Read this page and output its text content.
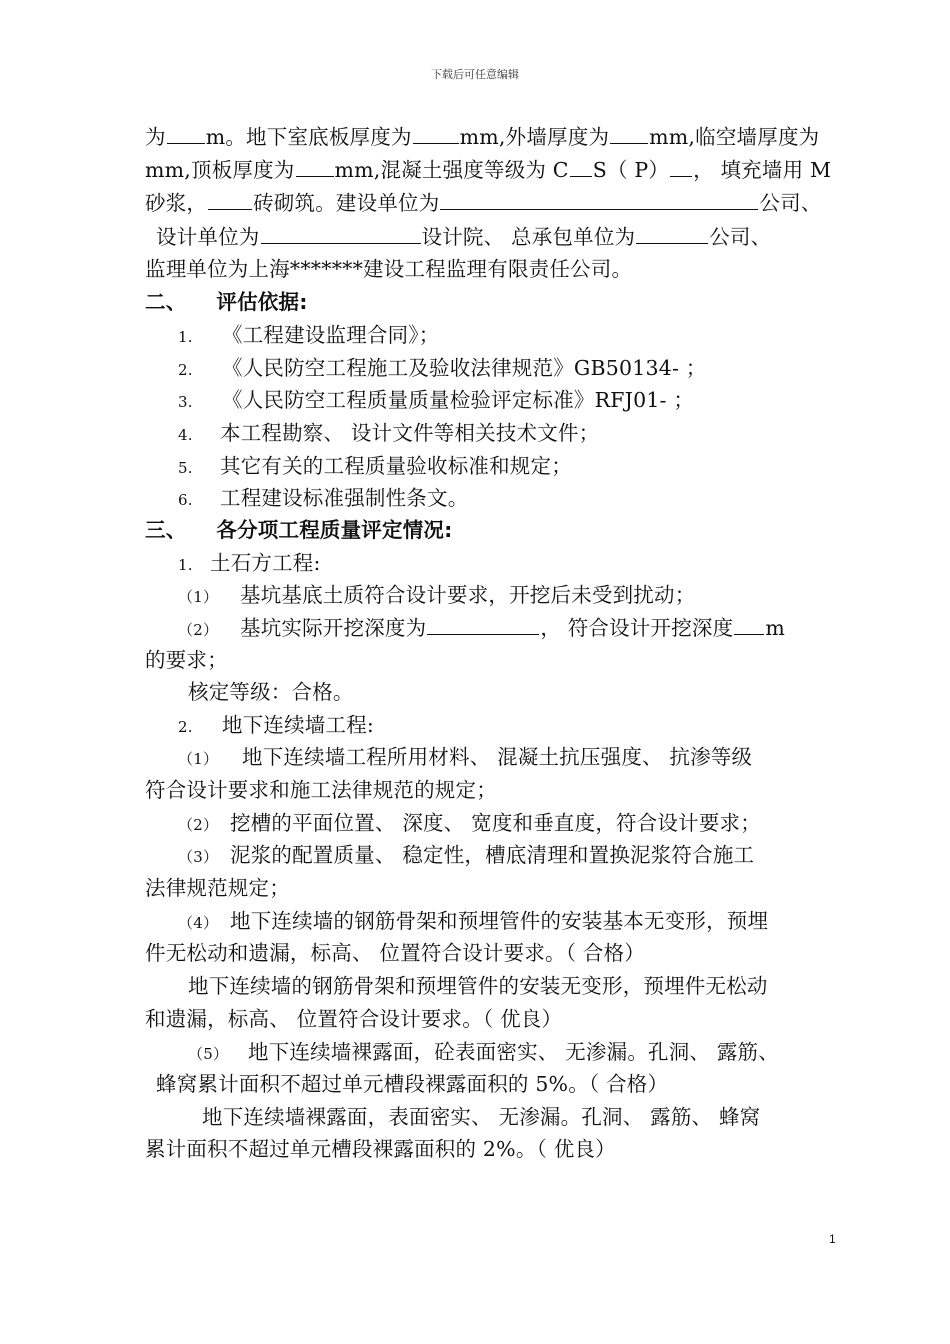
下载后可任意编辑
为 m。地下室底板厚度为 mm,外墙厚度为 mm,临空墙厚度为
mm,顶板厚度为 mm,混凝土强度等级为 C S（ P） ， 填充墙用 M
砂浆， 砖砌筑。建设单位为	公司、
设计单位为	设计院、 总承包单位为	公司、
监理单位为上海*******建设工程监理有限责任公司。
二、 评估依据:
1. 《工程建设监理合同》；
2. 《人民防空工程施工及验收法律规范》GB50134- ；
3. 《人民防空工程质量质量检验评定标准》RFJ01- ；
4. 本工程勘察、 设计文件等相关技术文件；
5. 其它有关的工程质量验收标准和规定；
6. 工程建设标准强制性条文。
三、 各分项工程质量评定情况:
1. 土石方工程:
（1） 基坑基底土质符合设计要求，开挖后未受到扰动；
（2） 基坑实际开挖深度为	， 符合设计开挖深度 m
的要求；
核定等级：合格。
2. 地下连续墙工程:
（1） 地下连续墙工程所用材料、 混凝土抗压强度、 抗渗等级
符合设计要求和施工法律规范的规定；
（2） 挖槽的平面位置、 深度、 宽度和垂直度，符合设计要求；
（3） 泥浆的配置质量、 稳定性，槽底清理和置换泥浆符合施工
法律规范规定；
（4） 地下连续墙的钢筋骨架和预埋管件的安装基本无变形，预埋
件无松动和遗漏，标高、 位置符合设计要求。（ 合格）
地下连续墙的钢筋骨架和预埋管件的安装无变形，预埋件无松动
和遗漏，标高、 位置符合设计要求。（ 优良）
（5） 地下连续墙裸露面，砼表面密实、 无渗漏。孔洞、 露筋、
蜂窝累计面积不超过单元槽段裸露面积的 5%。（ 合格）
地下连续墙裸露面，表面密实、 无渗漏。孔洞、 露筋、 蜂窝
累计面积不超过单元槽段裸露面积的 2%。（ 优良）
1
